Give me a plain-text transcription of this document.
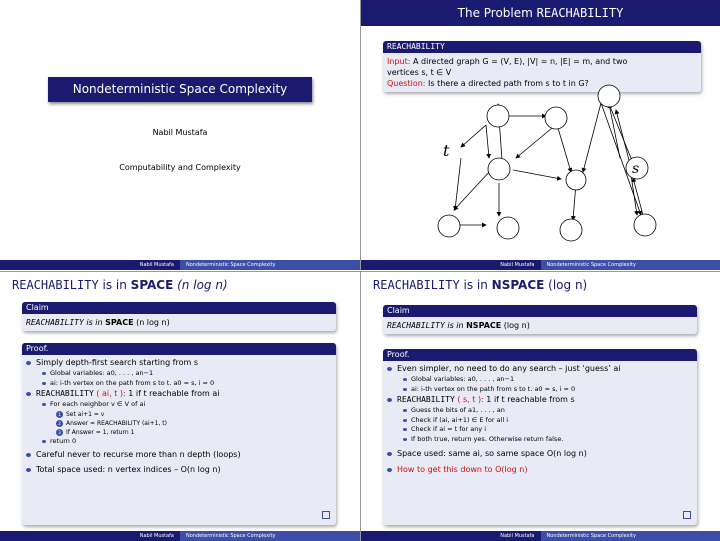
Nondeterministic Space Complexity
Nabil Mustafa
Computability and Complexity
Nabil Mustafa	Nondeterministic Space Complexity
The Problem REACHABILITY
REACHABILITY
Input: A directed graph G = (V, E), |V| = n, |E| = m, and two
vertices s, t ∈ V
Question: Is there a directed path from s to t in G?
t
s
Nabil Mustafa	Nondeterministic Space Complexity
REACHABILITY is in SPACE (n log n)
Claim
REACHABILITY is in SPACE (n log n)
Proof.
Simply depth-first search starting from s
Global variables: a0, . . . , an−1
ai: i-th vertex on the path from s to t. a0 = s, i = 0
REACHABILITY ( ai, t ): 1 if t reachable from ai
For each neighbor v ∈ V of ai
1 Set ai+1 = v
2 Answer = REACHABILITY (ai+1, t)
3 If Answer = 1, return 1
return 0
Careful never to recurse more than n depth (loops)
Total space used: n vertex indices – O(n log n)
Nabil Mustafa	Nondeterministic Space Complexity
REACHABILITY is in NSPACE (log n)
Claim
REACHABILITY is in NSPACE (log n)
Proof.
Even simpler, no need to do any search – just ‘guess’ ai
Global variables: a0, . . . , an−1
ai: i-th vertex on the path from s to t. a0 = s, i = 0
REACHABILITY ( s, t ): 1 if t reachable from s
Guess the bits of a1, . . . , an
Check if (ai, ai+1) ∈ E for all i
Check if ai = t for any i
If both true, return yes. Otherwise return false.
Space used: same ai, so same space O(n log n)
How to get this down to O(log n)
Nabil Mustafa	Nondeterministic Space Complexity
